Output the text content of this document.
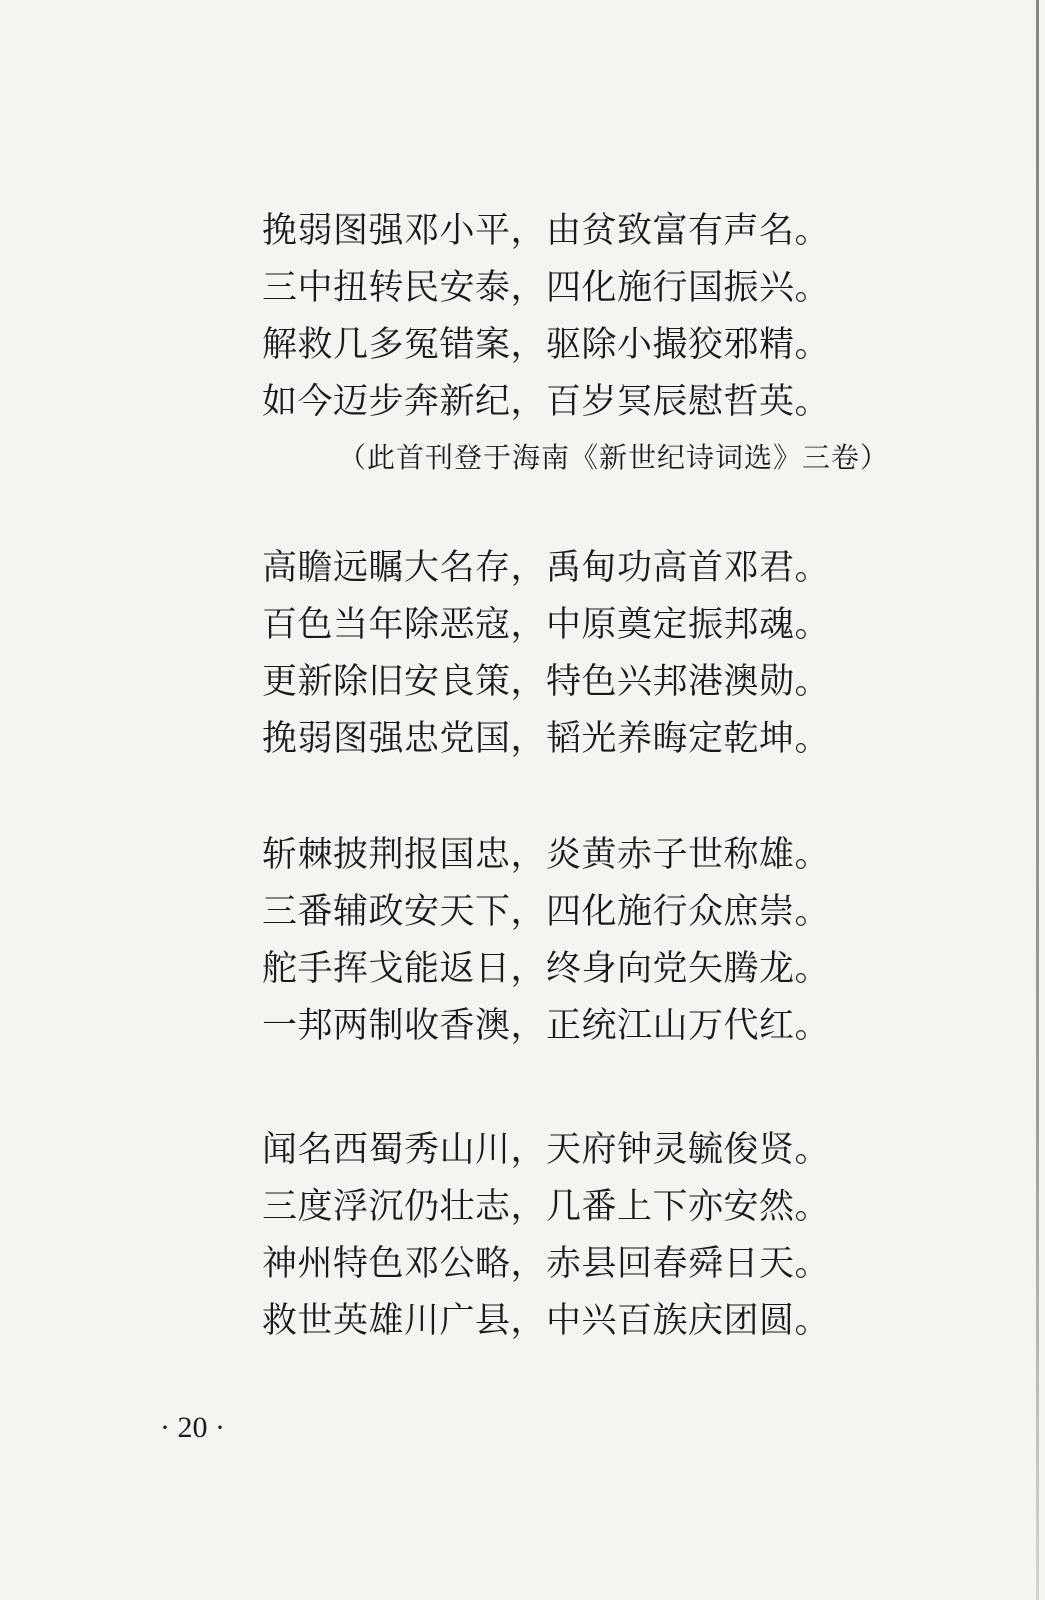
挽弱图强邓小平，由贫致富有声名。
三中扭转民安泰，四化施行国振兴。
解救几多冤错案，驱除小撮狡邪精。
如今迈步奔新纪，百岁冥辰慰哲英。
（此首刊登于海南《新世纪诗词选》三卷）
高瞻远瞩大名存，禹甸功高首邓君。
百色当年除恶寇，中原奠定振邦魂。
更新除旧安良策，特色兴邦港澳勋。
挽弱图强忠党国，韬光养晦定乾坤。
斩棘披荆报国忠，炎黄赤子世称雄。
三番辅政安天下，四化施行众庶崇。
舵手挥戈能返日，终身向党矢腾龙。
一邦两制收香澳，正统江山万代红。
闻名西蜀秀山川，天府钟灵毓俊贤。
三度浮沉仍壮志，几番上下亦安然。
神州特色邓公略，赤县回春舜日天。
救世英雄川广县，中兴百族庆团圆。
· 20 ·
